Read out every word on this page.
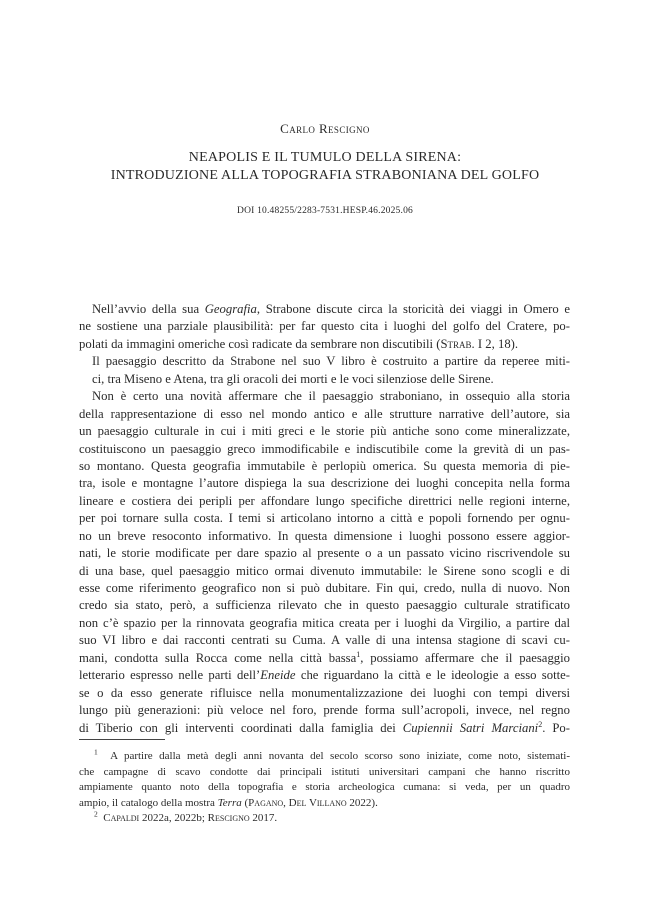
Carlo Rescigno
NEAPOLIS E IL TUMULO DELLA SIRENA:
INTRODUZIONE ALLA TOPOGRAFIA STRABONIANA DEL GOLFO
DOI 10.48255/2283-7531.HESP.46.2025.06
Nell’avvio della sua Geografia, Strabone discute circa la storicità dei viaggi in Omero e
ne sostiene una parziale plausibilità: per far questo cita i luoghi del golfo del Cratere, po-
polati da immagini omeriche così radicate da sembrare non discutibili (Strab. I 2, 18).
Il paesaggio descritto da Strabone nel suo V libro è costruito a partire da reperee miti-
ci, tra Miseno e Atena, tra gli oracoli dei morti e le voci silenziose delle Sirene.
Non è certo una novità affermare che il paesaggio straboniano, in ossequio alla storia
della rappresentazione di esso nel mondo antico e alle strutture narrative dell’autore, sia
un paesaggio culturale in cui i miti greci e le storie più antiche sono come mineralizzate,
costituiscono un paesaggio greco immodificabile e indiscutibile come la grevità di un pas-
so montano. Questa geografia immutabile è perlopiù omerica. Su questa memoria di pie-
tra, isole e montagne l’autore dispiega la sua descrizione dei luoghi concepita nella forma
lineare e costiera dei peripli per affondare lungo specifiche direttrici nelle regioni interne,
per poi tornare sulla costa. I temi si articolano intorno a città e popoli fornendo per ognu-
no un breve resoconto informativo. In questa dimensione i luoghi possono essere aggior-
nati, le storie modificate per dare spazio al presente o a un passato vicino riscrivendole su
di una base, quel paesaggio mitico ormai divenuto immutabile: le Sirene sono scogli e di
esse come riferimento geografico non si può dubitare. Fin qui, credo, nulla di nuovo. Non
credo sia stato, però, a sufficienza rilevato che in questo paesaggio culturale stratificato
non c’è spazio per la rinnovata geografia mitica creata per i luoghi da Virgilio, a partire dal
suo VI libro e dai racconti centrati su Cuma. A valle di una intensa stagione di scavi cu-
mani, condotta sulla Rocca come nella città bassa$^1$, possiamo affermare che il paesaggio
letterario espresso nelle parti dell’Eneide che riguardano la città e le ideologie a esso sotte-
se o da esso generate rifluisce nella monumentalizzazione dei luoghi con tempi diversi
lungo più generazioni: più veloce nel foro, prende forma sull’acropoli, invece, nel regno
di Tiberio con gli interventi coordinati dalla famiglia dei Cupiennii Satri Marciani$^2$. Po-
$^1$ A partire dalla metà degli anni novanta del secolo scorso sono iniziate, come noto, sistemati-
che campagne di scavo condotte dai principali istituti universitari campani che hanno riscritto
ampiamente quanto noto della topografia e storia archeologica cumana: si veda, per un quadro
ampio, il catalogo della mostra Terra (Pagano, Del Villano 2022).
$^2$ Capaldi 2022a, 2022b; Rescigno 2017.
